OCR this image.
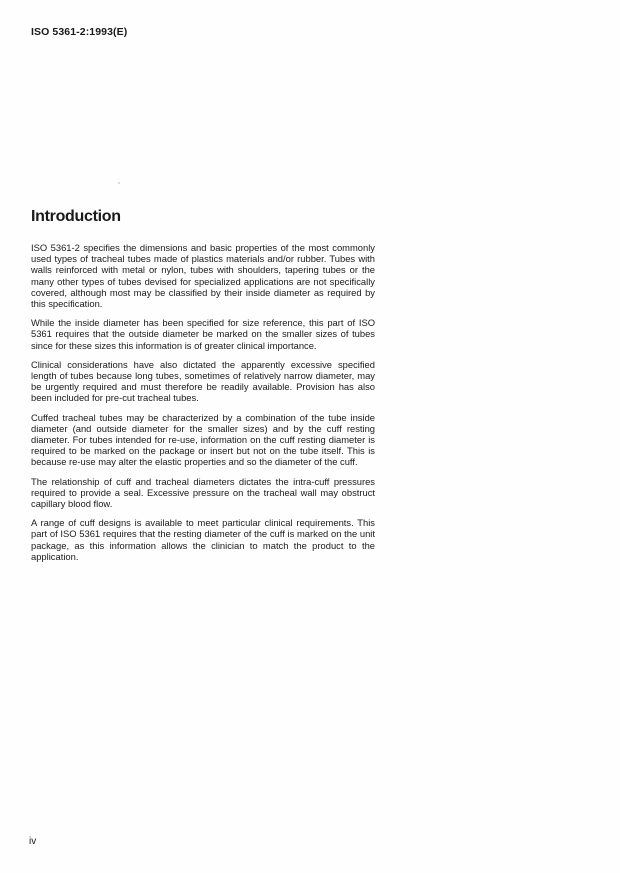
ISO 5361-2:1993(E)
Introduction

ISO 5361-2 specifies the dimensions and basic properties of the most commonly used types of tracheal tubes made of plastics materials and/or rubber. Tubes with walls reinforced with metal or nylon, tubes with shoulders, tapering tubes or the many other types of tubes devised for specialized applications are not specifically covered, although most may be classified by their inside diameter as required by this specification.

While the inside diameter has been specified for size reference, this part of ISO 5361 requires that the outside diameter be marked on the smaller sizes of tubes since for these sizes this information is of greater clinical importance.

Clinical considerations have also dictated the apparently excessive specified length of tubes because long tubes, sometimes of relatively narrow diameter, may be urgently required and must therefore be readily available. Provision has also been included for pre-cut tracheal tubes.

Cuffed tracheal tubes may be characterized by a combination of the tube inside diameter (and outside diameter for the smaller sizes) and by the cuff resting diameter. For tubes intended for re-use, information on the cuff resting diameter is required to be marked on the package or insert but not on the tube itself. This is because re-use may alter the elastic properties and so the diameter of the cuff.

The relationship of cuff and tracheal diameters dictates the intra-cuff pressures required to provide a seal. Excessive pressure on the tracheal wall may obstruct capillary blood flow.

A range of cuff designs is available to meet particular clinical requirements. This part of ISO 5361 requires that the resting diameter of the cuff is marked on the unit package, as this information allows the clinician to match the product to the application.

iv
